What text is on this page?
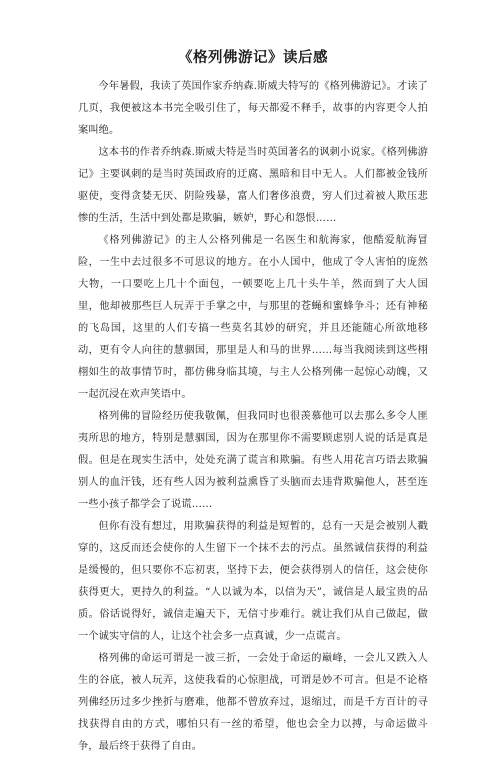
《格列佛游记》读后感

今年暑假，我读了英国作家乔纳森.斯威夫特写的《格列佛游记》。才读了几页，我便被这本书完全吸引住了，每天都爱不释手，故事的内容更令人拍案叫绝。

这本书的作者乔纳森.斯威夫特是当时英国著名的讽刺小说家。《格列佛游记》主要讽刺的是当时英国政府的迂腐、黑暗和目中无人。人们都被金钱所驱使，变得贪婪无厌、阴险残暴，富人们奢侈浪费，穷人们过着被人欺压悲惨的生活，生活中到处都是欺骗，嫉妒，野心和怨恨……

《格列佛游记》的主人公格列佛是一名医生和航海家，他酷爱航海冒险，一生中去过很多不可思议的地方。在小人国中，他成了令人害怕的庞然大物，一口要吃上几十个面包，一顿要吃上几十头牛羊，然而到了大人国里，他却被那些巨人玩弄于手掌之中，与那里的苍蝇和蜜蜂争斗；还有神秘的飞岛国，这里的人们专搞一些莫名其妙的研究，并且还能随心所欲地移动，更有令人向往的慧骃国，那里是人和马的世界……每当我阅读到这些栩栩如生的故事情节时，都仿佛身临其境，与主人公格列佛一起惊心动魄，又一起沉浸在欢声笑语中。

格列佛的冒险经历使我敬佩，但我同时也很羡慕他可以去那么多令人匪夷所思的地方，特别是慧骃国，因为在那里你不需要顾虑别人说的话是真是假。但是在现实生活中，处处充满了谎言和欺骗。有些人用花言巧语去欺骗别人的血汗钱，还有些人因为被利益熏昏了头脑而去违背欺骗他人，甚至连一些小孩子都学会了说谎……

但你有没有想过，用欺骗获得的利益是短暂的，总有一天是会被别人戳穿的，这反而还会使你的人生留下一个抹不去的污点。虽然诚信获得的利益是缓慢的，但只要你不忘初衷，坚持下去，便会获得别人的信任，这会使你获得更大，更持久的利益。“人以诚为本，以信为天”，诚信是人最宝贵的品质。俗话说得好，诚信走遍天下，无信寸步难行。就让我们从自己做起，做一个诚实守信的人，让这个社会多一点真诚，少一点谎言。

格列佛的命运可谓是一波三折，一会处于命运的巅峰，一会儿又跌入人生的谷底，被人玩弄，这使我看的心惊胆战，可谓是妙不可言。但是不论格列佛经历过多少挫折与磨难，他都不曾放弃过，退缩过，而是千方百计的寻找获得自由的方式，哪怕只有一丝的希望，他也会全力以搏，与命运做斗争，最后终于获得了自由。
